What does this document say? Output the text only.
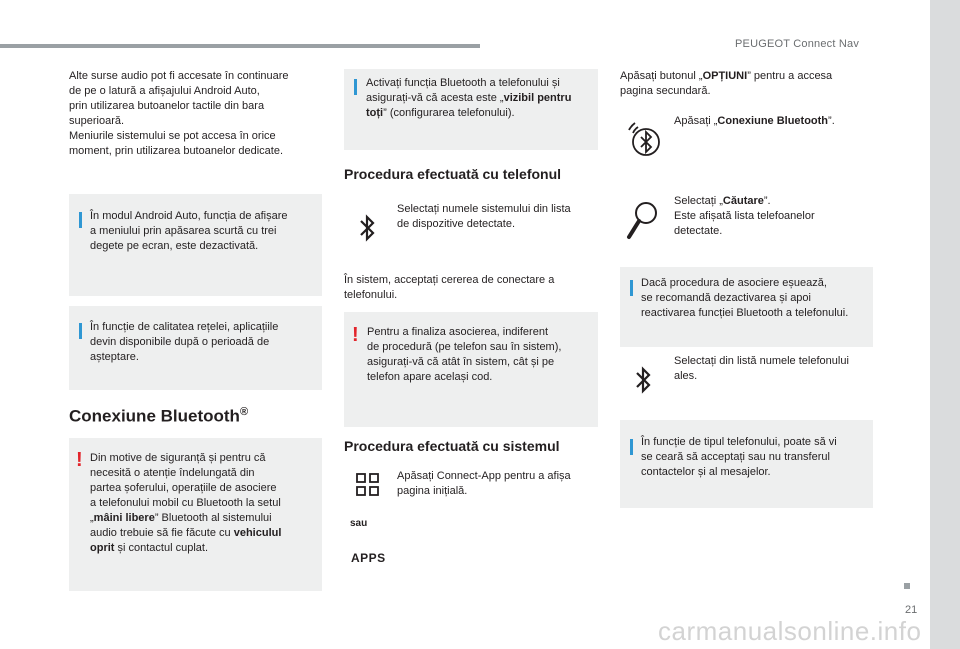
PEUGEOT Connect Nav
Alte surse audio pot fi accesate în continuare
de pe o latură a afișajului Android Auto,
prin utilizarea butoanelor tactile din bara
superioară.
Meniurile sistemului se pot accesa în orice
moment, prin utilizarea butoanelor dedicate.
În modul Android Auto, funcția de afișare
a meniului prin apăsarea scurtă cu trei
degete pe ecran, este dezactivată.
În funcție de calitatea rețelei, aplicațiile
devin disponibile după o perioadă de
așteptare.
Conexiune Bluetooth®
! Din motive de siguranță și pentru că
necesită o atenție îndelungată din
partea șoferului, operațiile de asociere
a telefonului mobil cu Bluetooth la setul
„mâini libere” Bluetooth al sistemului
audio trebuie să fie făcute cu vehiculul
oprit și contactul cuplat.
Activați funcția Bluetooth a telefonului și
asigurați-vă că acesta este „vizibil pentru
toți” (configurarea telefonului).
Procedura efectuată cu telefonul
Selectați numele sistemului din lista
de dispozitive detectate.
În sistem, acceptați cererea de conectare a
telefonului.
! Pentru a finaliza asocierea, indiferent
de procedură (pe telefon sau în sistem),
asigurați-vă că atât în sistem, cât și pe
telefon apare același cod.
Procedura efectuată cu sistemul
Apăsați Connect-App pentru a afișa
pagina inițială.
sau
APPS
Apăsați butonul „OPȚIUNI” pentru a accesa
pagina secundară.
Apăsați „Conexiune Bluetooth”.
Selectați „Căutare”.
Este afișată lista telefoanelor
detectate.
Dacă procedura de asociere eșuează,
se recomandă dezactivarea și apoi
reactivarea funcției Bluetooth a telefonului.
Selectați din listă numele telefonului
ales.
În funcție de tipul telefonului, poate să vi
se ceară să acceptați sau nu transferul
contactelor și al mesajelor.
21
carmanualsonline.info
